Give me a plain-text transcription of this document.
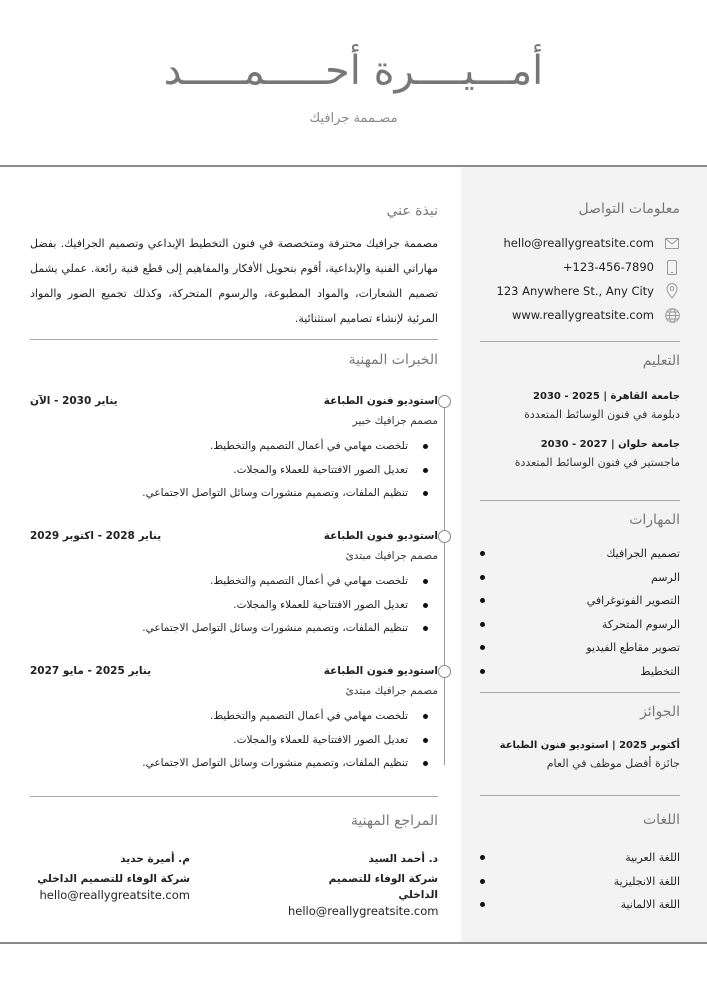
أمـــيــــرة أحـــــمـــــد
مصـممة جرافيك
معلومات التواصل
hello@reallygreatsite.com
+123-456-7890
123 Anywhere St., Any City
www.reallygreatsite.com
التعليم
جامعة القاهرة | 2025 - 2030
دبلومة في فنون الوسائط المتعددة
جامعة حلوان | 2027 - 2030
ماجستير في فنون الوسائط المتعددة
المهارات
تصميم الجرافيك
الرسم
التصوير الفوتوغرافي
الرسوم المتحركة
تصوير مقاطع الفيديو
التخطيط
الجوائز
أكتوبر 2025 | استوديو فنون الطباعة
جائزة أفضل موظف في العام
اللغات
اللغة العربية
اللغة الانجليزية
اللغة الالمانية
نبذة عني

مصممة جرافيك محترفة ومتخصصة في فنون التخطيط الإبداعي وتصميم الجرافيك. بفضل مهاراتي الفنية والإبداعية، أقوم بتحويل الأفكار والمفاهيم إلى قطع فنية رائعة. عملي يشمل تصميم الشعارات، والمواد المطبوعة، والرسوم المتحركة، وكذلك تجميع الصور والمواد المرئية لإنشاء تصاميم استثنائية.

الخبرات المهنية
استوديو فنون الطباعة
يناير 2030 - الآن
مصمم جرافيك خبير
تلخصت مهامي في أعمال التصميم والتخطيط.
تعديل الصور الافتتاحية للعملاء والمجلات.
تنظيم الملفات، وتصميم منشورات وسائل التواصل الاجتماعي.
استوديو فنون الطباعة
يناير 2028 - اكتوبر 2029
مصمم جرافيك مبتدئ
تلخصت مهامي في أعمال التصميم والتخطيط.
تعديل الصور الافتتاحية للعملاء والمجلات.
تنظيم الملفات، وتصميم منشورات وسائل التواصل الاجتماعي.
استوديو فنون الطباعة
يناير 2025 - مايو 2027
مصمم جرافيك مبتدئ
تلخصت مهامي في أعمال التصميم والتخطيط.
تعديل الصور الافتتاحية للعملاء والمجلات.
تنظيم الملفات، وتصميم منشورات وسائل التواصل الاجتماعي.
المراجع المهنية
د. أحمد السيد
شركة الوفاء للتصميم الداخلي
hello@reallygreatsite.com
م. أميرة حديد
شركة الوفاء للتصميم الداخلي
hello@reallygreatsite.com
